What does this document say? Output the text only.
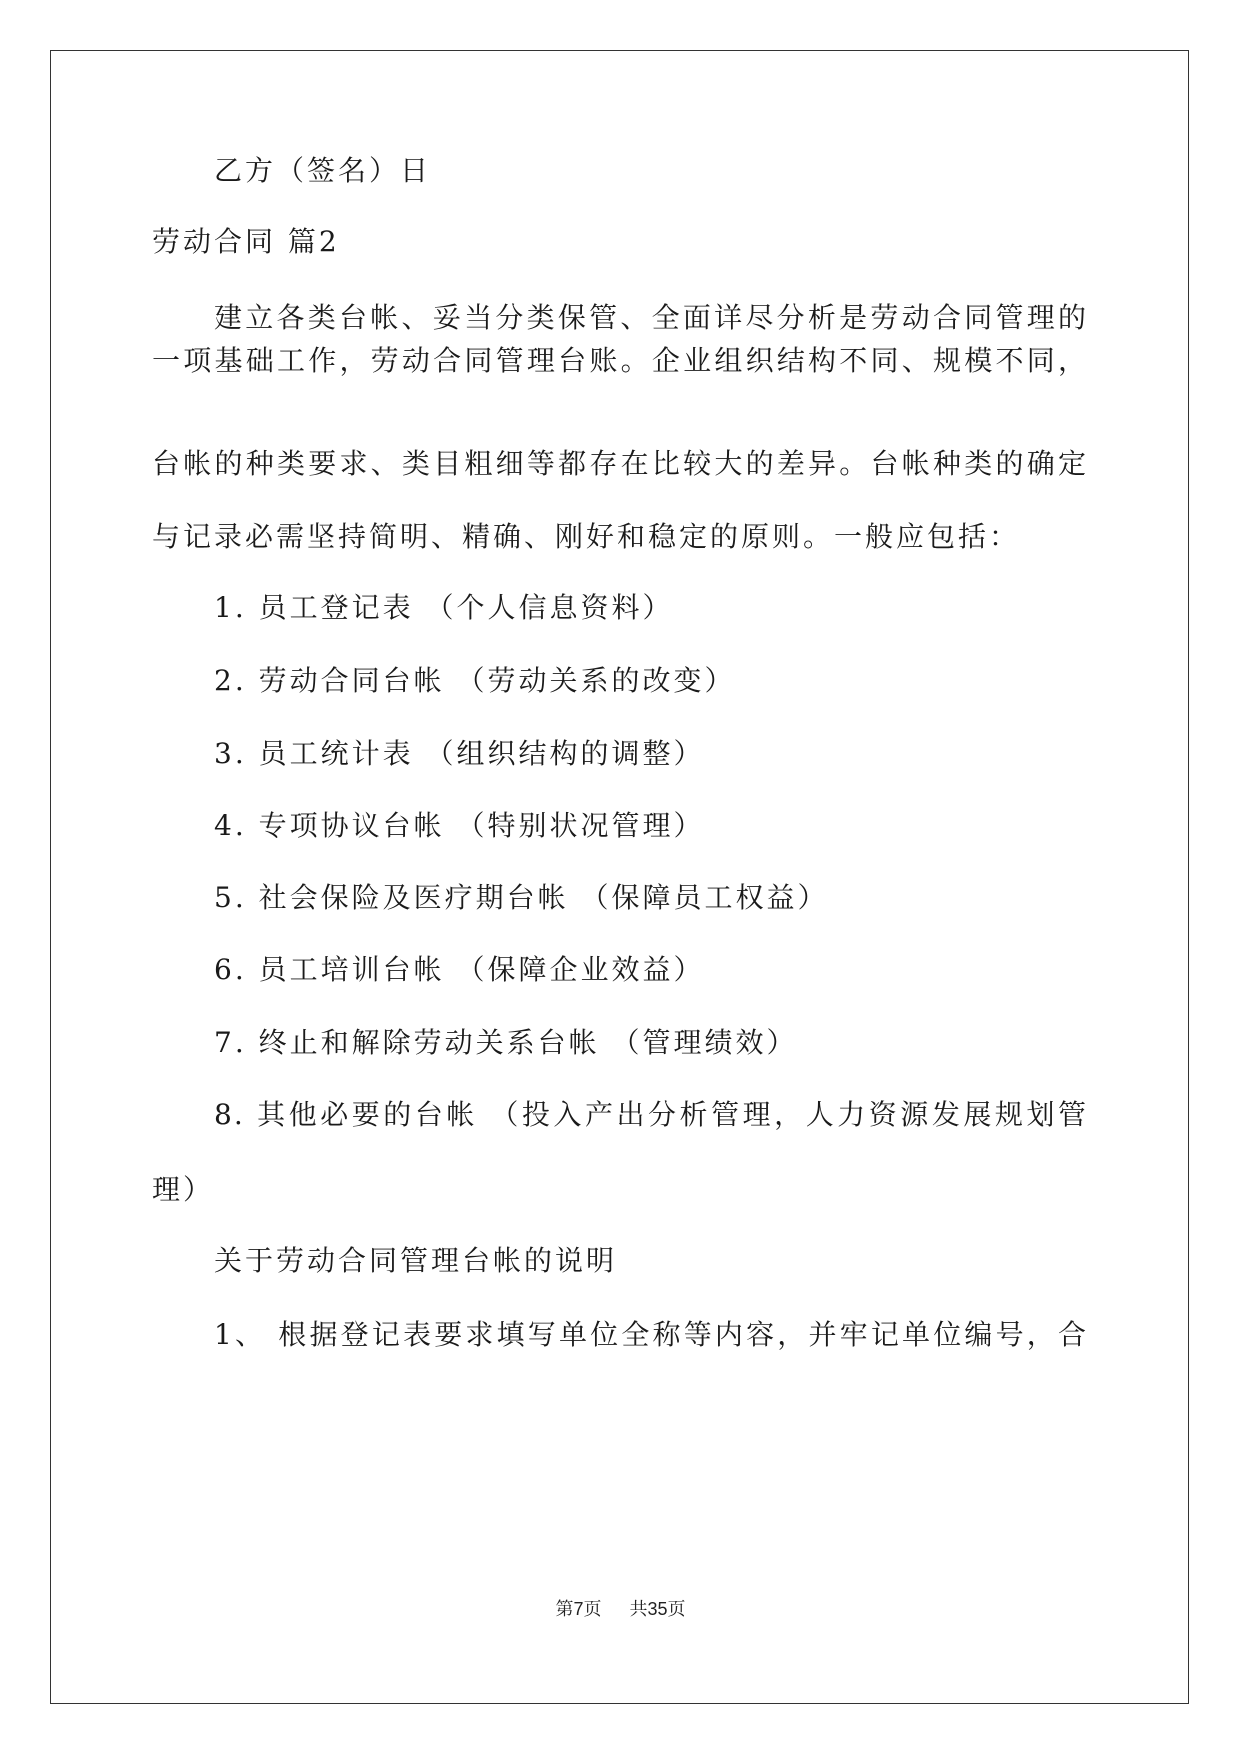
乙方（签名）日
劳动合同 篇2
建立各类台帐、妥当分类保管、全面详尽分析是劳动合同管理的
一项基础工作，劳动合同管理台账。企业组织结构不同、规模不同，
台帐的种类要求、类目粗细等都存在比较大的差异。台帐种类的确定
与记录必需坚持简明、精确、刚好和稳定的原则。一般应包括：
1. 员工登记表 （个人信息资料）
2. 劳动合同台帐 （劳动关系的改变）
3. 员工统计表 （组织结构的调整）
4. 专项协议台帐 （特别状况管理）
5. 社会保险及医疗期台帐 （保障员工权益）
6. 员工培训台帐 （保障企业效益）
7. 终止和解除劳动关系台帐 （管理绩效）
8. 其他必要的台帐 （投入产出分析管理，人力资源发展规划管
理）
关于劳动合同管理台帐的说明
1、 根据登记表要求填写单位全称等内容，并牢记单位编号，合
第7页 共35页
